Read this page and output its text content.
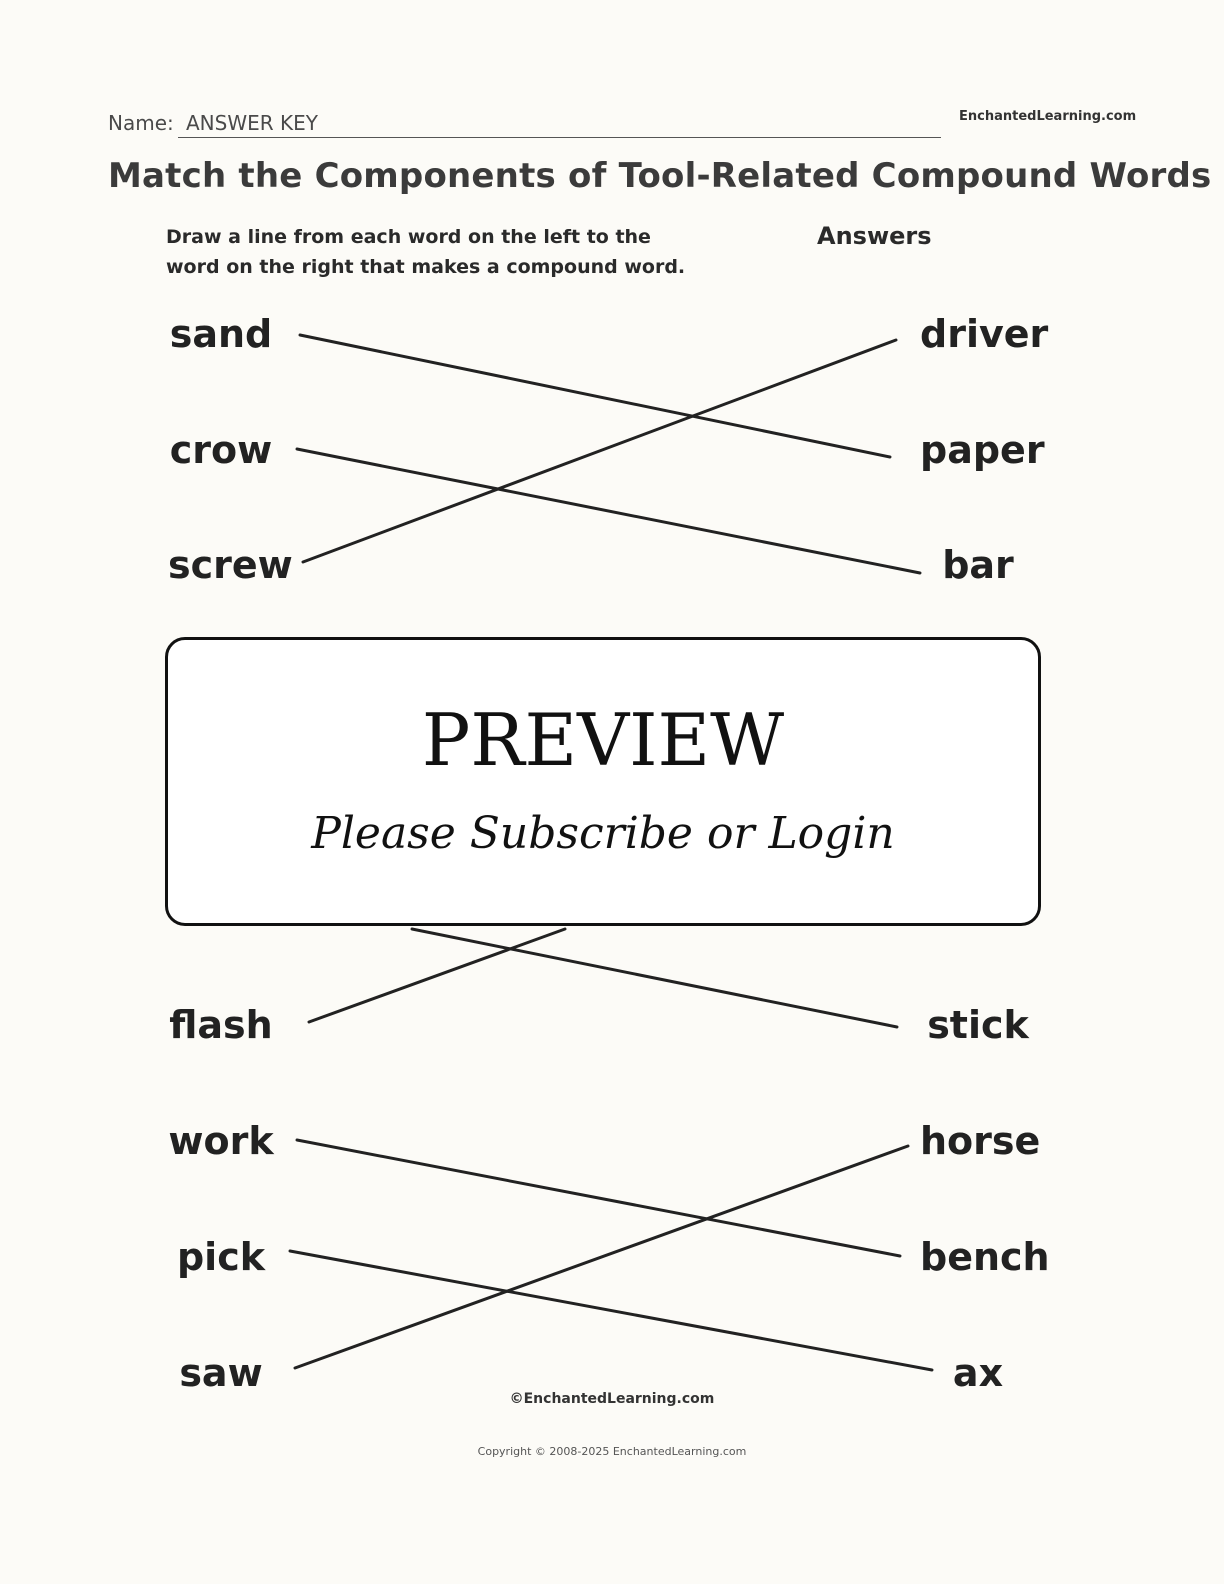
Name: ANSWER KEY	EnchantedLearning.com
Match the Components of Tool-Related Compound Words
Draw a line from each word on the left to the word on the right that makes a compound word.
Answers
sand
crow
screw
flash
work
pick
saw
driver
paper
bar
stick
horse
bench
ax
PREVIEW
Please Subscribe or Login
©EnchantedLearning.com
Copyright © 2008-2025 EnchantedLearning.com
